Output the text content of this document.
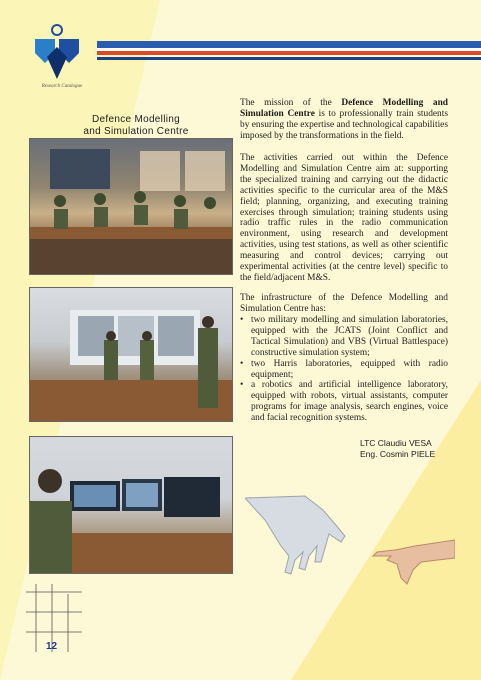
Research Catalogue
Defence Modelling
and Simulation Centre
The mission of the Defence Modelling and Simulation Centre is to professionally train students by ensuring the expertise and technological capabilities imposed by the transformations in the field.
The activities carried out within the Defence Modelling and Simulation Centre aim at: supporting the specialized training and carrying out the didactic activities specific to the curricular area of the M&S field; planning, organizing, and executing training exercises through simulation; training students using radio traffic rules in the radio communication environment, using research and development activities, using test stations, as well as other scientific measuring and control devices; carrying out experimental activities (at the centre level) specific to the field/adjacent M&S.
The infrastructure of the Defence Modelling and Simulation Centre has:
• two military modelling and simulation laboratories, equipped with the JCATS (Joint Conflict and Tactical Simulation) and VBS (Virtual Battlespace) constructive simulation system;
• two Harris laboratories, equipped with radio equipment;
• a robotics and artificial intelligence laboratory, equipped with robots, virtual assistants, computer programs for image analysis, search engines, voice and facial recognition systems.
LTC Claudiu VESA
Eng. Cosmin PIELE
12
